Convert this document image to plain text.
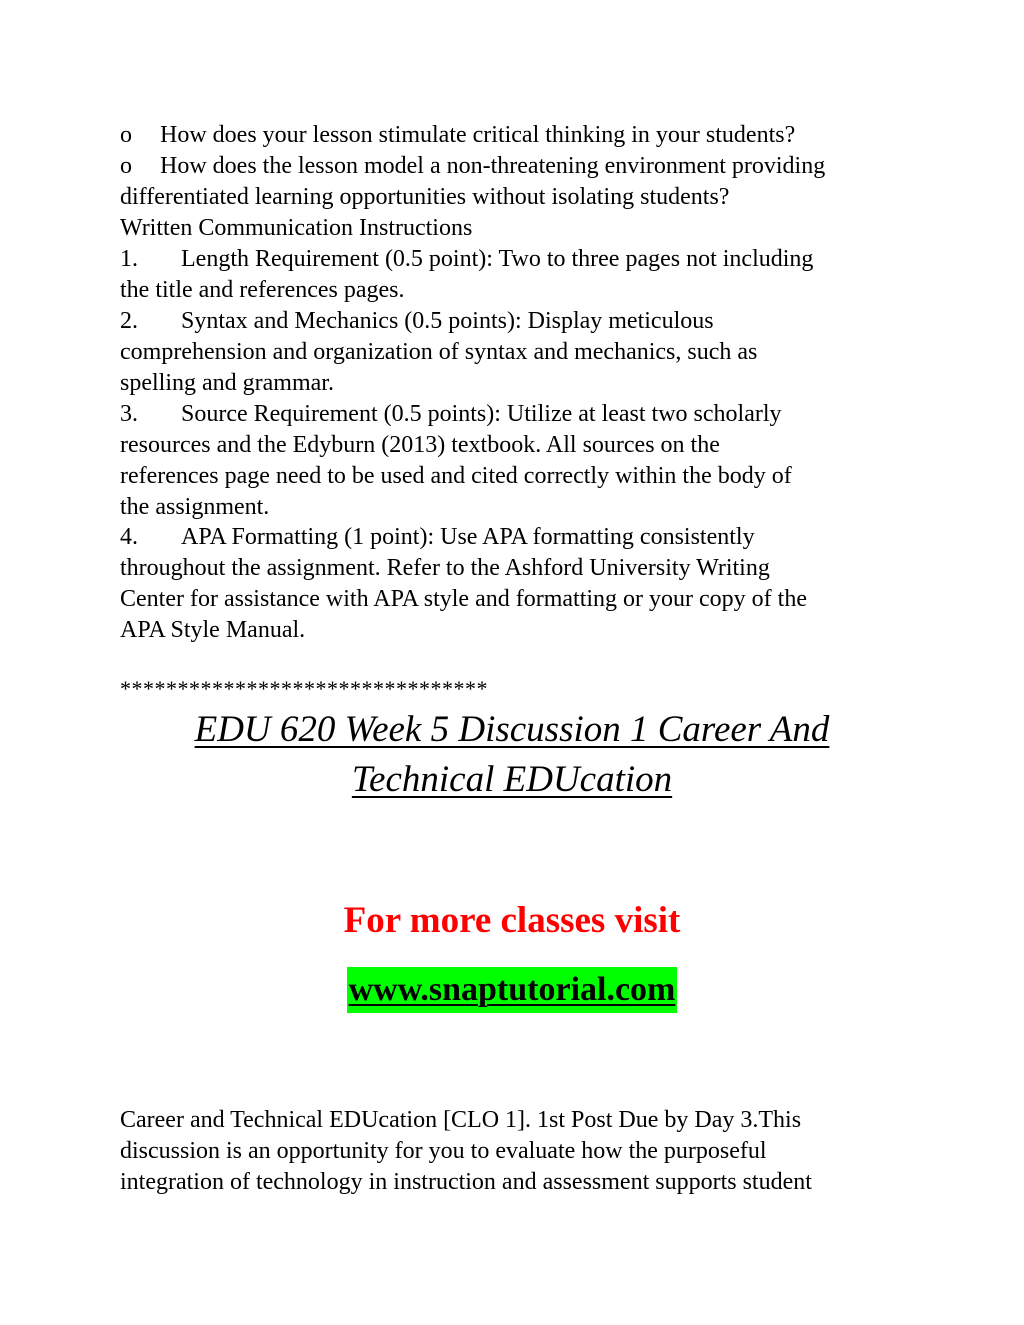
o How does your lesson stimulate critical thinking in your students?
o How does the lesson model a non-threatening environment providing
differentiated learning opportunities without isolating students?
Written Communication Instructions
1. Length Requirement (0.5 point): Two to three pages not including
the title and references pages.
2. Syntax and Mechanics (0.5 points): Display meticulous
comprehension and organization of syntax and mechanics, such as
spelling and grammar.
3. Source Requirement (0.5 points): Utilize at least two scholarly
resources and the Edyburn (2013) textbook. All sources on the
references page need to be used and cited correctly within the body of
the assignment.
4. APA Formatting (1 point): Use APA formatting consistently
throughout the assignment. Refer to the Ashford University Writing
Center for assistance with APA style and formatting or your copy of the
APA Style Manual.
********************************
EDU 620 Week 5 Discussion 1 Career And
Technical EDUcation
For more classes visit
www.snaptutorial.com
Career and Technical EDUcation [CLO 1]. 1st Post Due by Day 3.This
discussion is an opportunity for you to evaluate how the purposeful
integration of technology in instruction and assessment supports student
